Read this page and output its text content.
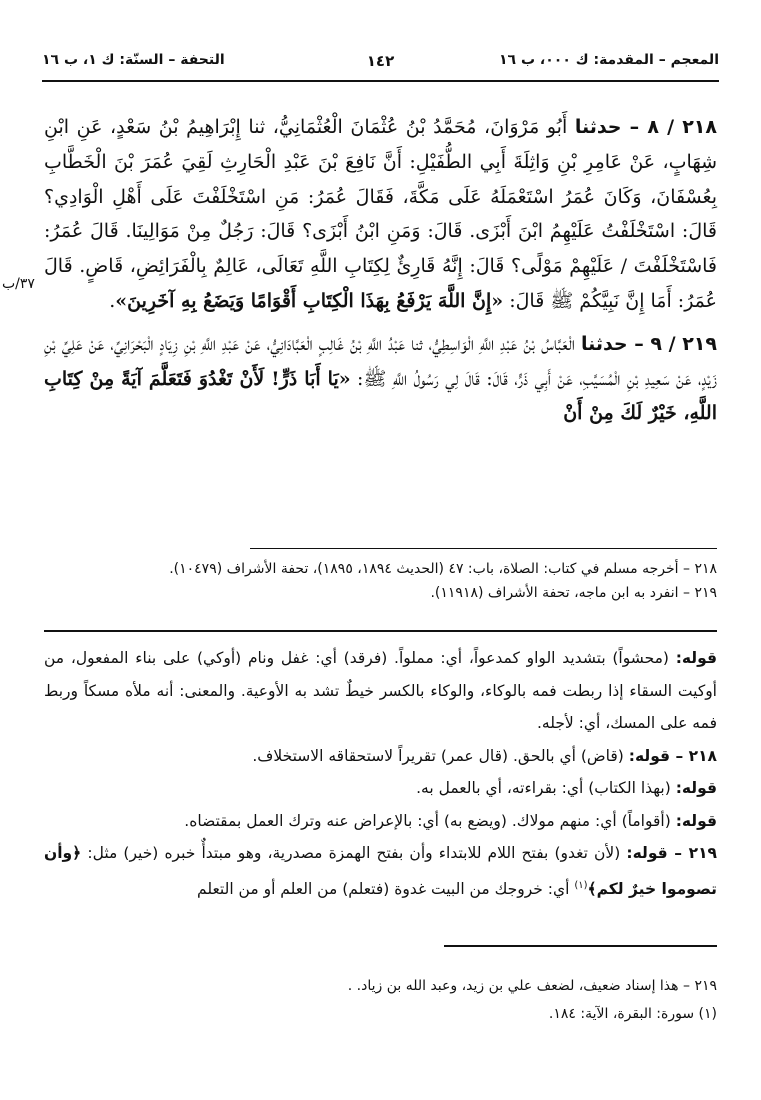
المعجم – المقدمة: ك ٠٠٠، ب ١٦
١٤٢
التحفة – السنّة: ك ١، ب ١٦

٢١٨ / ٨ – حدثنا أَبُو مَرْوَانَ، مُحَمَّدُ بْنُ عُثْمَانَ الْعُثْمَانِيُّ، ثنا إِبْرَاهِيمُ بْنُ سَعْدٍ، عَنِ ابْنِ شِهَابٍ، عَنْ عَامِرِ بْنِ وَاثِلَةَ أَبِي الطُّفَيْلِ: أَنَّ نَافِعَ بْنَ عَبْدِ الْحَارِثِ لَقِيَ عُمَرَ بْنَ الْخَطَّابِ بِعُسْفَانَ، وَكَانَ عُمَرُ اسْتَعْمَلَهُ عَلَى مَكَّةَ، فَقَالَ عُمَرُ: مَنِ اسْتَخْلَفْتَ عَلَى أَهْلِ الْوَادِي؟ قَالَ: اسْتَخْلَفْتُ عَلَيْهِمُ ابْنَ أَبْزَى. قَالَ: وَمَنِ ابْنُ أَبْزَى؟ قَالَ: رَجُلٌ مِنْ مَوَالِينَا. قَالَ عُمَرُ: فَاسْتَخْلَفْتَ / عَلَيْهِمْ مَوْلًى؟ قَالَ: إِنَّهُ قَارِئٌ لِكِتَابِ اللَّهِ تَعَالَى، عَالِمٌ بِالْفَرَائِضِ، قَاضٍ. قَالَ عُمَرُ: أَمَا إِنَّ نَبِيَّكُمْ ﷺ قَالَ: «إِنَّ اللَّهَ يَرْفَعُ بِهَذَا الْكِتَابِ أَقْوَامًا وَيَضَعُ بِهِ آخَرِينَ».

٢١٩ / ٩ – حدثنا الْعَبَّاسُ بْنُ عَبْدِ اللَّهِ الْوَاسِطِيُّ، ثنا عَبْدُ اللَّهِ بْنُ غَالِبٍ الْعَبَّادَانِيُّ، عَنْ عَبْدِ اللَّهِ بْنِ زِيَادٍ الْبَحْرَانِيِّ، عَنْ عَلِيِّ بْنِ زَيْدٍ، عَنْ سَعِيدِ بْنِ الْمُسَيَّبِ، عَنْ أَبِي ذَرٍّ، قَالَ: قَالَ لِي رَسُولُ اللَّهِ ﷺ: «يَا أَبَا ذَرٍّ! لَأَنْ تَغْدُوَ فَتَعَلَّمَ آيَةً مِنْ كِتَابِ اللَّهِ، خَيْرٌ لَكَ مِنْ أَنْ

٣٧/ب

٢١٨ – أخرجه مسلم في كتاب: الصلاة، باب: ٤٧ (الحديث ١٨٩٤، ١٨٩٥)، تحفة الأشراف (١٠٤٧٩).

٢١٩ – انفرد به ابن ماجه، تحفة الأشراف (١١٩١٨).

قوله: (محشواً) بتشديد الواو كمدعواً، أي: مملواً. (فرقد) أي: غفل ونام (أوكي) على بناء المفعول، من أوكيت السقاء إذا ربطت فمه بالوكاء، والوكاء بالكسر خيطٌ تشد به الأوعية. والمعنى: أنه ملأه مسكاً وربط فمه على المسك، أي: لأجله.

٢١٨ – قوله: (قاض) أي بالحق. (قال عمر) تقريراً لاستحقاقه الاستخلاف.

قوله: (بهذا الكتاب) أي: بقراءته، أي بالعمل به.

قوله: (أقواماً) أي: منهم مولاك. (ويضع به) أي: بالإعراض عنه وترك العمل بمقتضاه.

٢١٩ – قوله: (لأن تغدو) بفتح اللام للابتداء وأن بفتح الهمزة مصدرية، وهو مبتدأٌ خبره (خير) مثل: ﴿وأن تصوموا خيرٌ لكم﴾$^{(١)}$ أي: خروجك من البيت غدوة (فتعلم) من العلم أو من التعلم

٢١٩ – هذا إسناد ضعيف، لضعف علي بن زيد، وعبد الله بن زياد. .

(١) سورة: البقرة، الآية: ١٨٤.
